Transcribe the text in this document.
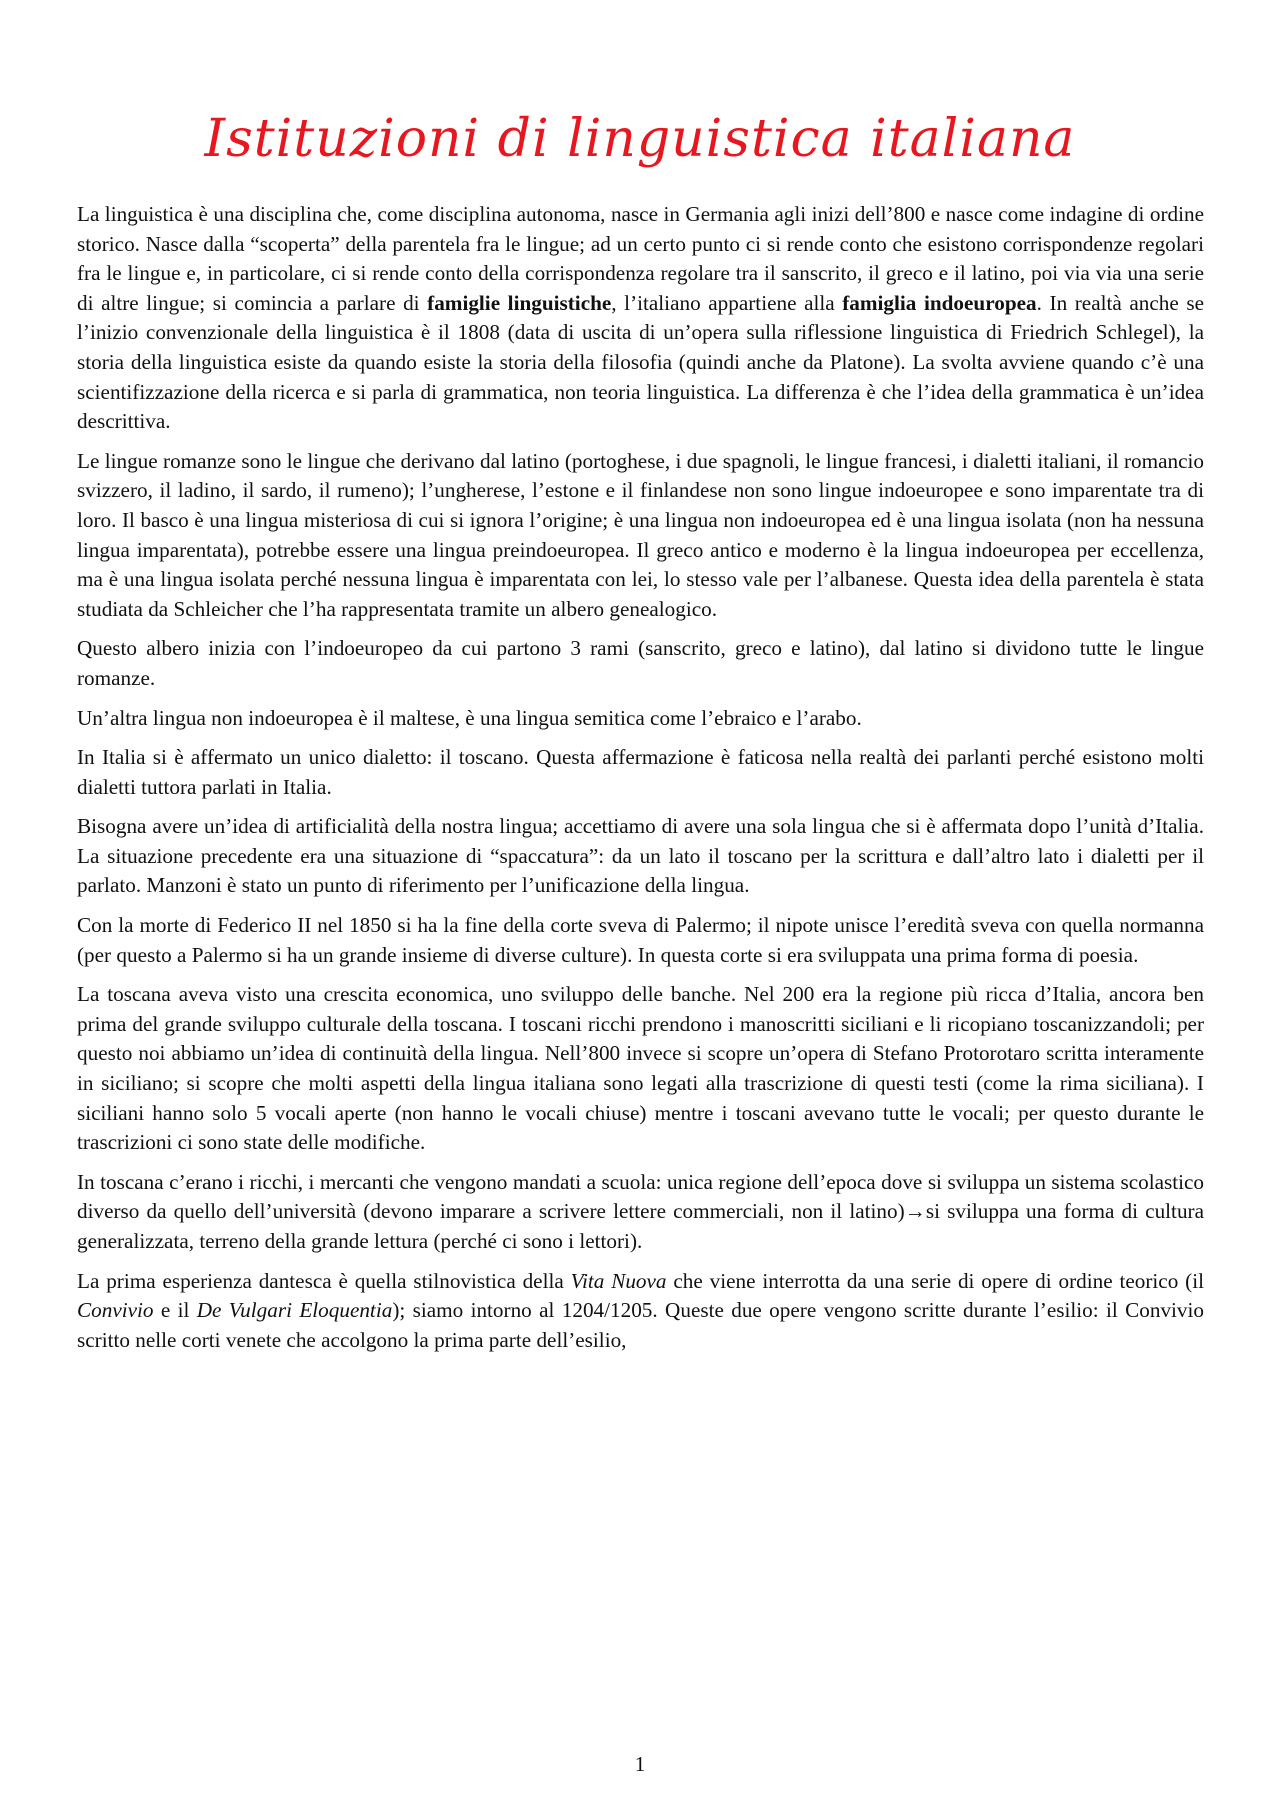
Istituzioni di linguistica italiana

La linguistica è una disciplina che, come disciplina autonoma, nasce in Germania agli inizi dell’800 e nasce come indagine di ordine storico. Nasce dalla “scoperta” della parentela fra le lingue; ad un certo punto ci si rende conto che esistono corrispondenze regolari fra le lingue e, in particolare, ci si rende conto della corrispondenza regolare tra il sanscrito, il greco e il latino, poi via via una serie di altre lingue; si comincia a parlare di famiglie linguistiche, l’italiano appartiene alla famiglia indoeuropea. In realtà anche se l’inizio convenzionale della linguistica è il 1808 (data di uscita di un’opera sulla riflessione linguistica di Friedrich Schlegel), la storia della linguistica esiste da quando esiste la storia della filosofia (quindi anche da Platone). La svolta avviene quando c’è una scientifizzazione della ricerca e si parla di grammatica, non teoria linguistica. La differenza è che l’idea della grammatica è un’idea descrittiva.

Le lingue romanze sono le lingue che derivano dal latino (portoghese, i due spagnoli, le lingue francesi, i dialetti italiani, il romancio svizzero, il ladino, il sardo, il rumeno); l’ungherese, l’estone e il finlandese non sono lingue indoeuropee e sono imparentate tra di loro. Il basco è una lingua misteriosa di cui si ignora l’origine; è una lingua non indoeuropea ed è una lingua isolata (non ha nessuna lingua imparentata), potrebbe essere una lingua preindoeuropea. Il greco antico e moderno è la lingua indoeuropea per eccellenza, ma è una lingua isolata perché nessuna lingua è imparentata con lei, lo stesso vale per l’albanese. Questa idea della parentela è stata studiata da Schleicher che l’ha rappresentata tramite un albero genealogico.

Questo albero inizia con l’indoeuropeo da cui partono 3 rami (sanscrito, greco e latino), dal latino si dividono tutte le lingue romanze.

Un’altra lingua non indoeuropea è il maltese, è una lingua semitica come l’ebraico e l’arabo.

In Italia si è affermato un unico dialetto: il toscano. Questa affermazione è faticosa nella realtà dei parlanti perché esistono molti dialetti tuttora parlati in Italia.

Bisogna avere un’idea di artificialità della nostra lingua; accettiamo di avere una sola lingua che si è affermata dopo l’unità d’Italia. La situazione precedente era una situazione di “spaccatura”: da un lato il toscano per la scrittura e dall’altro lato i dialetti per il parlato. Manzoni è stato un punto di riferimento per l’unificazione della lingua.

Con la morte di Federico II nel 1850 si ha la fine della corte sveva di Palermo; il nipote unisce l’eredità sveva con quella normanna (per questo a Palermo si ha un grande insieme di diverse culture). In questa corte si era sviluppata una prima forma di poesia.

La toscana aveva visto una crescita economica, uno sviluppo delle banche. Nel 200 era la regione più ricca d’Italia, ancora ben prima del grande sviluppo culturale della toscana. I toscani ricchi prendono i manoscritti siciliani e li ricopiano toscanizzandoli; per questo noi abbiamo un’idea di continuità della lingua. Nell’800 invece si scopre un’opera di Stefano Protorotaro scritta interamente in siciliano; si scopre che molti aspetti della lingua italiana sono legati alla trascrizione di questi testi (come la rima siciliana). I siciliani hanno solo 5 vocali aperte (non hanno le vocali chiuse) mentre i toscani avevano tutte le vocali; per questo durante le trascrizioni ci sono state delle modifiche.

In toscana c’erano i ricchi, i mercanti che vengono mandati a scuola: unica regione dell’epoca dove si sviluppa un sistema scolastico diverso da quello dell’università (devono imparare a scrivere lettere commerciali, non il latino)→si sviluppa una forma di cultura generalizzata, terreno della grande lettura (perché ci sono i lettori).

La prima esperienza dantesca è quella stilnovistica della Vita Nuova che viene interrotta da una serie di opere di ordine teorico (il Convivio e il De Vulgari Eloquentia); siamo intorno al 1204/1205. Queste due opere vengono scritte durante l’esilio: il Convivio scritto nelle corti venete che accolgono la prima parte dell’esilio,

1
